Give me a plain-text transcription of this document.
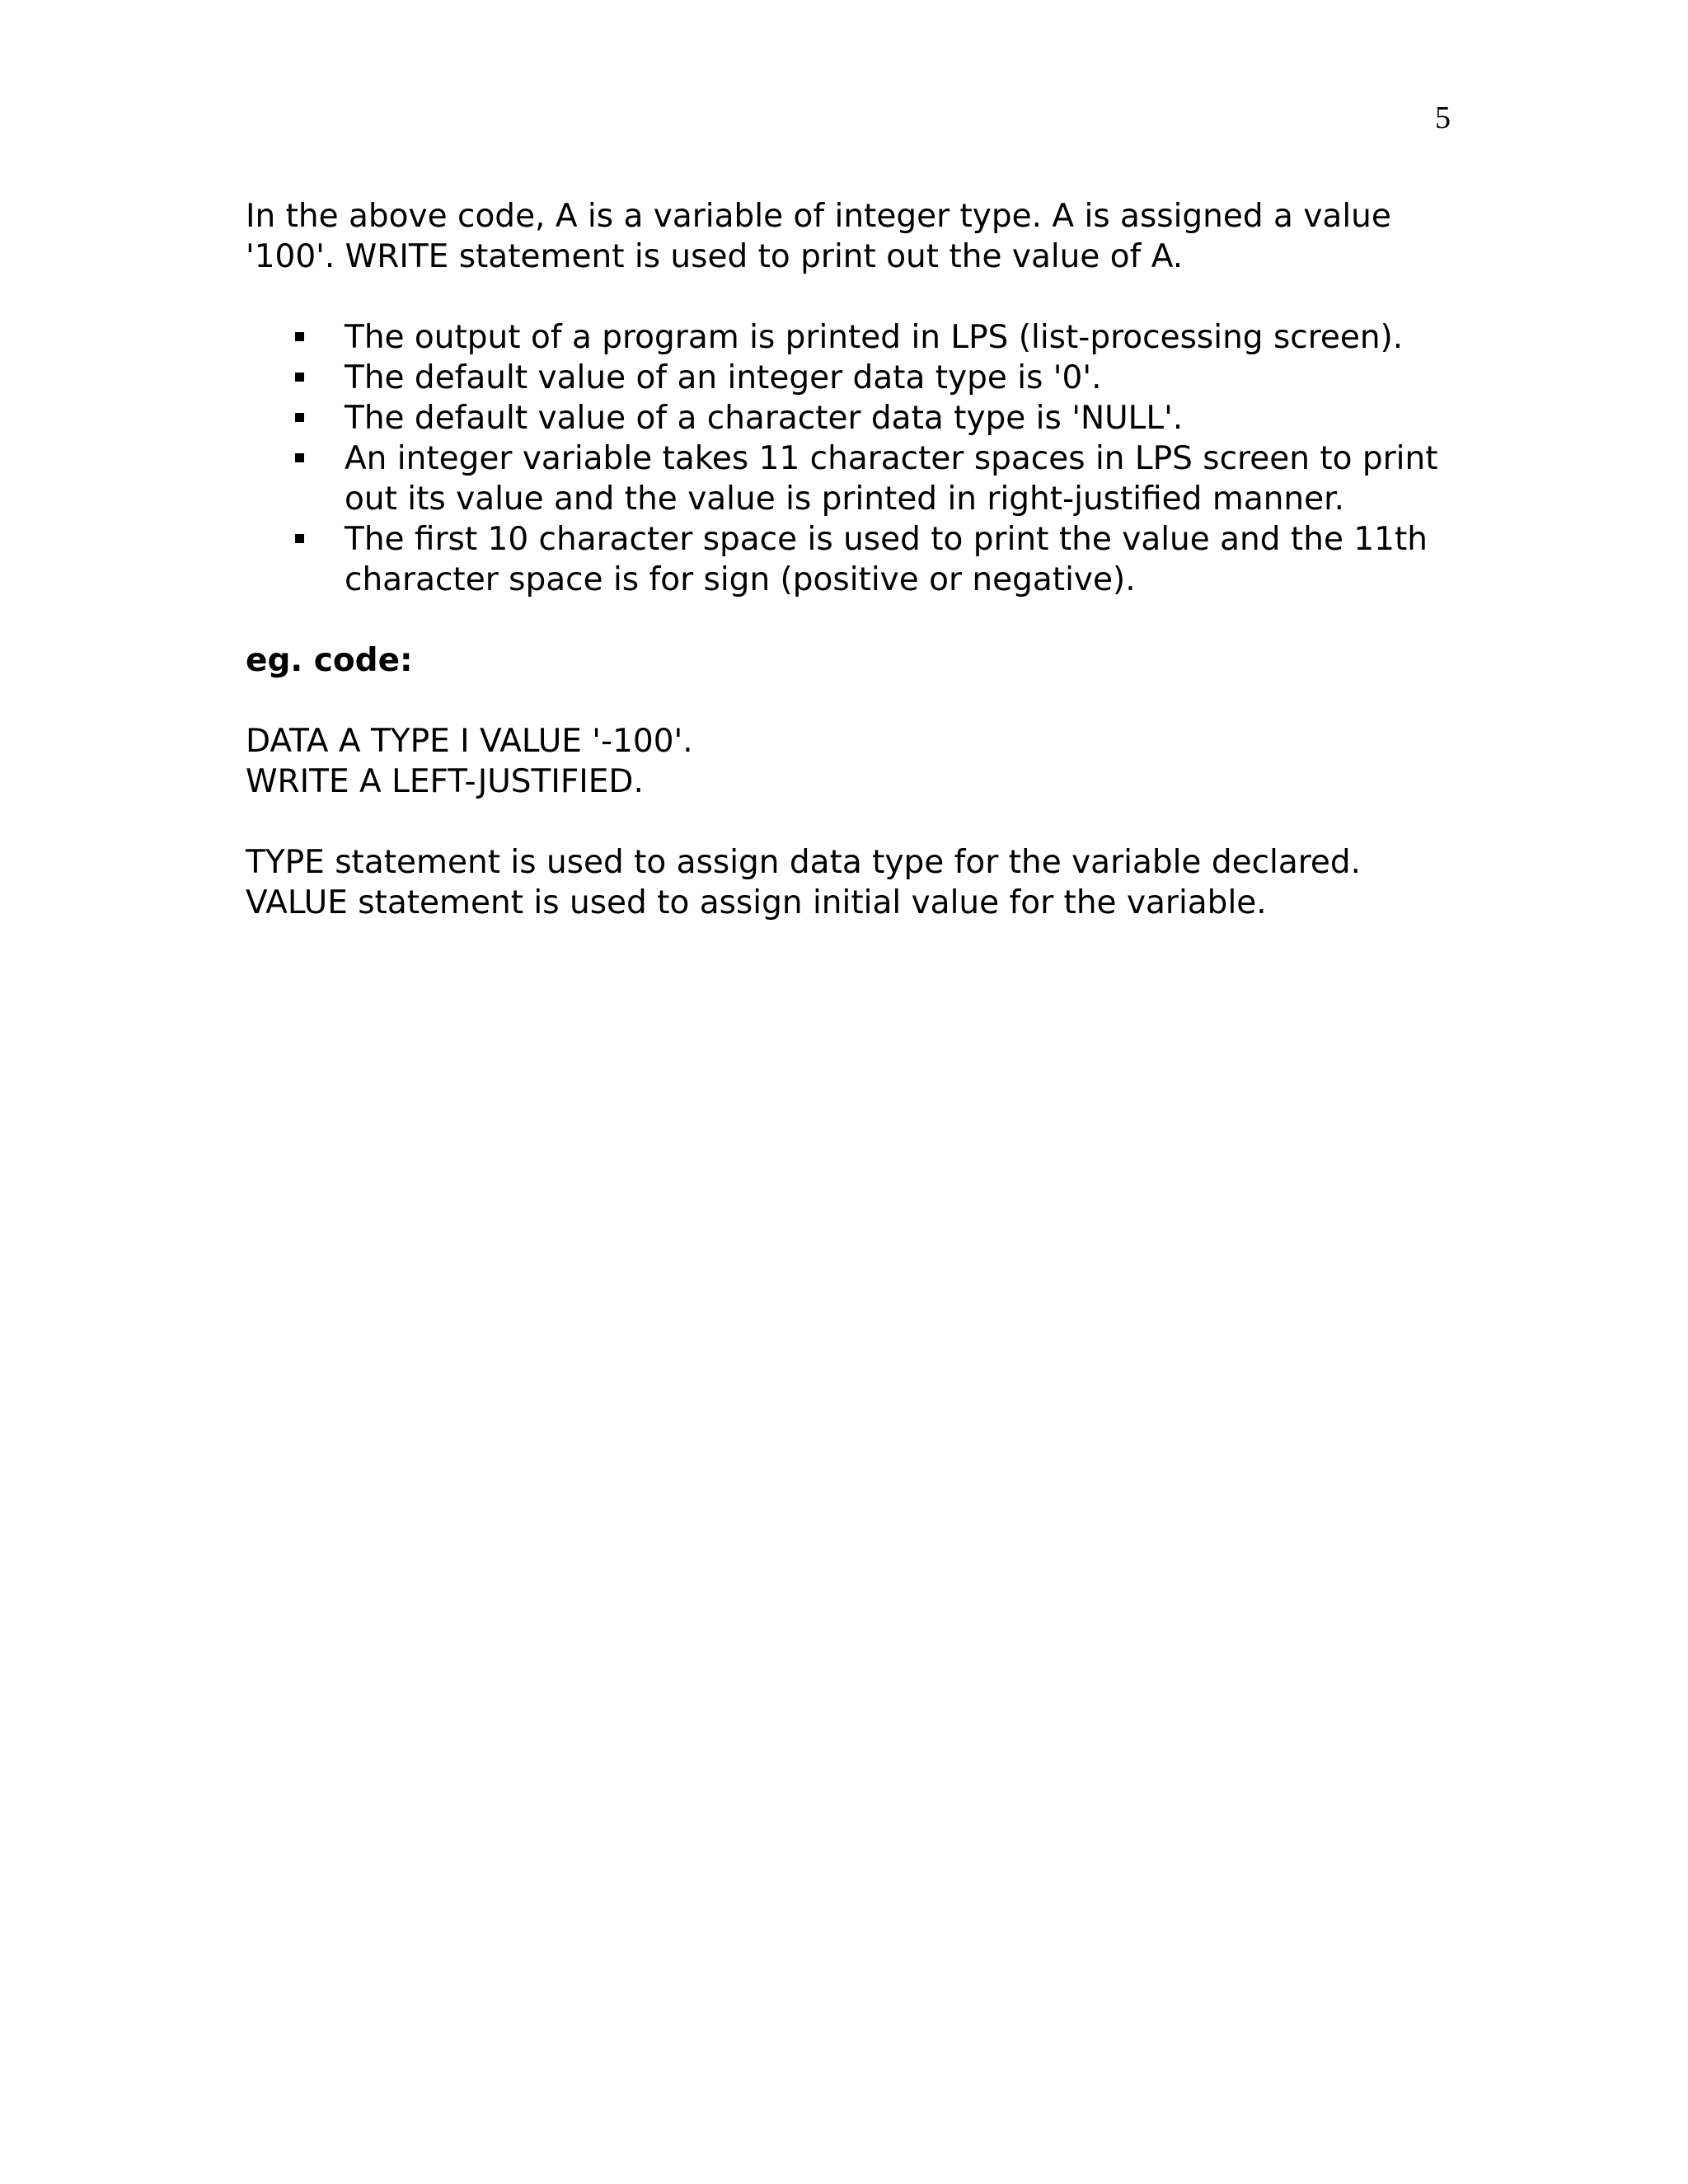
5

In the above code, A is a variable of integer type. A is assigned a value
'100'. WRITE statement is used to print out the value of A.

The output of a program is printed in LPS (list-processing screen).
The default value of an integer data type is '0'.
The default value of a character data type is 'NULL'.
An integer variable takes 11 character spaces in LPS screen to print
out its value and the value is printed in right-justified manner.
The first 10 character space is used to print the value and the 11th
character space is for sign (positive or negative).

eg. code:

DATA A TYPE I VALUE '-100'.
WRITE A LEFT-JUSTIFIED.

TYPE statement is used to assign data type for the variable declared.
VALUE statement is used to assign initial value for the variable.
